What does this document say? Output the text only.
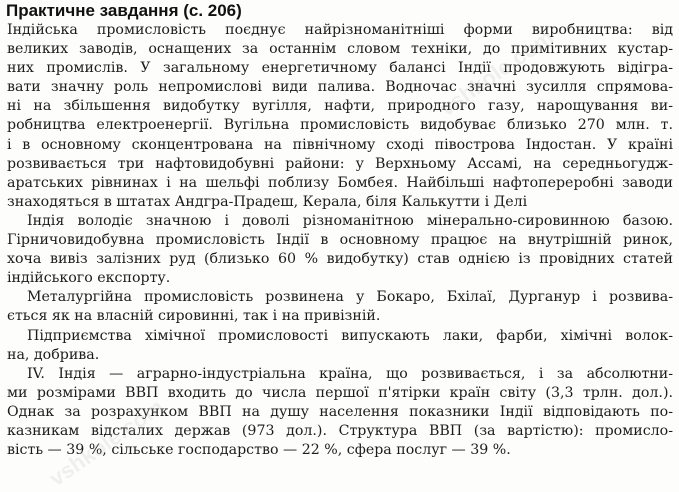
Практичне завдання (с. 206)
Індійська промисловість поєднує найрізноманітніші форми виробництва: від
великих заводів, оснащених за останнім словом техніки, до примітивних кустар-
них промислів. У загальному енергетичному балансі Індії продовжують відігра-
вати значну роль непромислові види палива. Водночас значні зусилля спрямова-
ні на збільшення видобутку вугілля, нафти, природного газу, нарощування ви-
робництва електроенергії. Вугільна промисловість видобуває близько 270 млн. т.
і в основному сконцентрована на північному сході півострова Індостан. У країні
розвивається три нафтовидобувні райони: у Верхньому Ассамі, на середньогудж-
аратських рівнинах і на шельфі поблизу Бомбея. Найбільші нафтопереробні заводи
знаходяться в штатах Андгра-Прадеш, Керала, біля Калькутти і Делі
Індія володіє значною і доволі різноманітною мінерально-сировинною базою.
Гірничовидобувна промисловість Індії в основному працює на внутрішній ринок,
хоча вивіз залізних руд (близько 60 % видобутку) став однією із провідних статей
індійського експорту.
Металургійна промисловість розвинена у Бокаро, Бхілаї, Дурганур і розвива-
ється як на власній сировинні, так і на привізній.
Підприємства хімічної промисловості випускають лаки, фарби, хімічні волок-
на, добрива.
IV. Індія — аграрно-індустріальна країна, що розвивається, і за абсолютни-
ми розмірами ВВП входить до числа першої п'ятірки країн світу (3,3 трлн. дол.).
Однак за розрахунком ВВП на душу населення показники Індії відповідають по-
казникам відсталих держав (973 дол.). Структура ВВП (за вартістю): промисло-
вість — 39 %, сільське господарство — 22 %, сфера послуг — 39 %.
vshkole.com
vshkole.com
